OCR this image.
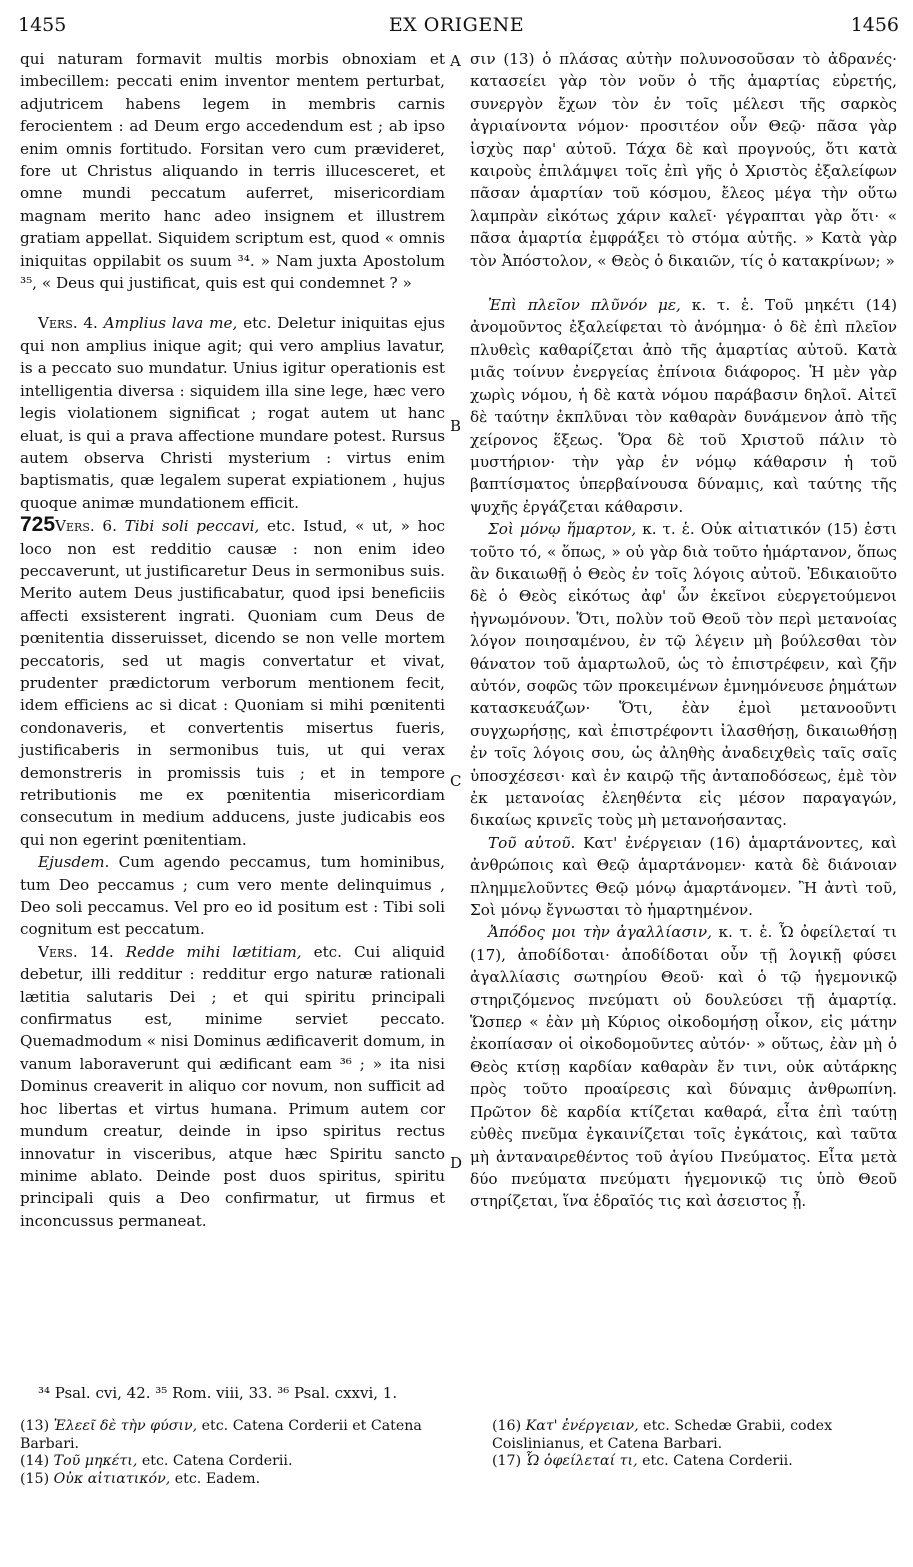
1455	EX ORIGENE	1456
A
B
C
D

qui naturam formavit multis morbis obnoxiam et imbecillem: peccati enim inventor mentem perturbat, adjutricem habens legem in membris carnis ferocientem : ad Deum ergo accedendum est ; ab ipso enim omnis fortitudo. Forsitan vero cum prævideret, fore ut Christus aliquando in terris illucesceret, et omne mundi peccatum auferret, misericordiam magnam merito hanc adeo insignem et illustrem gratiam appellat. Siquidem scriptum est, quod « omnis iniquitas oppilabit os suum ³⁴. » Nam juxta Apostolum ³⁵, « Deus qui justificat, quis est qui condemnet ? »

Vers. 4. Amplius lava me, etc. Deletur iniquitas ejus qui non amplius inique agit; qui vero amplius lavatur, is a peccato suo mundatur. Unius igitur operationis est intelligentia diversa : siquidem illa sine lege, hæc vero legis violationem significat ; rogat autem ut hanc eluat, is qui a prava affectione mundare potest. Rursus autem observa Christi mysterium : virtus enim baptismatis, quæ legalem superat expiationem , hujus quoque animæ mundationem efficit.

725Vers. 6. Tibi soli peccavi, etc. Istud, « ut, » hoc loco non est redditio causæ : non enim ideo peccaverunt, ut justificaretur Deus in sermonibus suis. Merito autem Deus justificabatur, quod ipsi beneficiis affecti exsisterent ingrati. Quoniam cum Deus de pœnitentia disseruisset, dicendo se non velle mortem peccatoris, sed ut magis convertatur et vivat, prudenter prædictorum verborum mentionem fecit, idem efficiens ac si dicat : Quoniam si mihi pœnitenti condonaveris, et convertentis misertus fueris, justificaberis in sermonibus tuis, ut qui verax demonstreris in promissis tuis ; et in tempore retributionis me ex pœnitentia misericordiam consecutum in medium adducens, juste judicabis eos qui non egerint pœnitentiam.

Ejusdem. Cum agendo peccamus, tum hominibus, tum Deo peccamus ; cum vero mente delinquimus , Deo soli peccamus. Vel pro eo id positum est : Tibi soli cognitum est peccatum.

Vers. 14. Redde mihi lætitiam, etc. Cui aliquid debetur, illi redditur : redditur ergo naturæ rationali lætitia salutaris Dei ; et qui spiritu principali confirmatus est, minime serviet peccato. Quemadmodum « nisi Dominus ædificaverit domum, in vanum laboraverunt qui ædificant eam ³⁶ ; » ita nisi Dominus creaverit in aliquo cor novum, non sufficit ad hoc libertas et virtus humana. Primum autem cor mundum creatur, deinde in ipso spiritus rectus innovatur in visceribus, atque hæc Spiritu sancto minime ablato. Deinde post duos spiritus, spiritu principali quis a Deo confirmatur, ut firmus et inconcussus permaneat.

σιν (13) ὁ πλάσας αὐτὴν πολυνοσοῦσαν τὸ ἀδρανές· κατασείει γὰρ τὸν νοῦν ὁ τῆς ἁμαρτίας εὑρετής, συνεργὸν ἔχων τὸν ἐν τοῖς μέλεσι τῆς σαρκὸς ἀγριαίνοντα νόμον· προσιτέον οὖν Θεῷ· πᾶσα γὰρ ἰσχὺς παρ' αὐτοῦ. Τάχα δὲ καὶ προγνούς, ὅτι κατὰ καιροὺς ἐπιλάμψει τοῖς ἐπὶ γῆς ὁ Χριστὸς ἐξαλείφων πᾶσαν ἁμαρτίαν τοῦ κόσμου, ἔλεος μέγα τὴν οὕτω λαμπρὰν εἰκότως χάριν καλεῖ· γέγραπται γὰρ ὅτι· « πᾶσα ἁμαρτία ἐμφράξει τὸ στόμα αὐτῆς. » Κατὰ γὰρ τὸν Ἀπόστολον, « Θεὸς ὁ δικαιῶν, τίς ὁ κατακρίνων; »

Ἐπὶ πλεῖον πλῦνόν με, κ. τ. ἑ. Τοῦ μηκέτι (14) ἀνομοῦντος ἐξαλείφεται τὸ ἀνόμημα· ὁ δὲ ἐπὶ πλεῖον πλυθεὶς καθαρίζεται ἀπὸ τῆς ἁμαρτίας αὐτοῦ. Κατὰ μιᾶς τοίνυν ἐνεργείας ἐπίνοια διάφορος. Ἡ μὲν γὰρ χωρὶς νόμου, ἡ δὲ κατὰ νόμου παράβασιν δηλοῖ. Αἰτεῖ δὲ ταύτην ἐκπλῦναι τὸν καθαρὰν δυνάμενον ἀπὸ τῆς χείρονος ἕξεως. Ὅρα δὲ τοῦ Χριστοῦ πάλιν τὸ μυστήριον· τὴν γὰρ ἐν νόμῳ κάθαρσιν ἡ τοῦ βαπτίσματος ὑπερβαίνουσα δύναμις, καὶ ταύτης τῆς ψυχῆς ἐργάζεται κάθαρσιν.

Σοὶ μόνῳ ἥμαρτον, κ. τ. ἑ. Οὐκ αἰτιατικόν (15) ἐστι τοῦτο τό, « ὅπως, » οὐ γὰρ διὰ τοῦτο ἡμάρτανον, ὅπως ἂν δικαιωθῇ ὁ Θεὸς ἐν τοῖς λόγοις αὐτοῦ. Ἐδικαιοῦτο δὲ ὁ Θεὸς εἰκότως ἀφ' ὧν ἐκεῖνοι εὐεργετούμενοι ἠγνωμόνουν. Ὅτι, πολὺν τοῦ Θεοῦ τὸν περὶ μετανοίας λόγον ποιησαμένου, ἐν τῷ λέγειν μὴ βούλεσθαι τὸν θάνατον τοῦ ἁμαρτωλοῦ, ὡς τὸ ἐπιστρέφειν, καὶ ζῆν αὐτόν, σοφῶς τῶν προκειμένων ἐμνημόνευσε ῥημάτων κατασκευάζων· Ὅτι, ἐὰν ἐμοὶ μετανοοῦντι συγχωρήσῃς, καὶ ἐπιστρέφοντι ἱλασθήσῃ, δικαιωθήσῃ ἐν τοῖς λόγοις σου, ὡς ἀληθὴς ἀναδειχθεὶς ταῖς σαῖς ὑποσχέσεσι· καὶ ἐν καιρῷ τῆς ἀνταποδόσεως, ἐμὲ τὸν ἐκ μετανοίας ἐλεηθέντα εἰς μέσον παραγαγών, δικαίως κρινεῖς τοὺς μὴ μετανοήσαντας.

Τοῦ αὐτοῦ. Κατ' ἐνέργειαν (16) ἁμαρτάνοντες, καὶ ἀνθρώποις καὶ Θεῷ ἁμαρτάνομεν· κατὰ δὲ διάνοιαν πλημμελοῦντες Θεῷ μόνῳ ἁμαρτάνομεν. Ἢ ἀντὶ τοῦ, Σοὶ μόνῳ ἔγνωσται τὸ ἡμαρτημένον.

Ἀπόδος μοι τὴν ἀγαλλίασιν, κ. τ. ἑ. Ὧ ὀφείλεταί τι (17), ἀποδίδοται· ἀποδίδοται οὖν τῇ λογικῇ φύσει ἀγαλλίασις σωτηρίου Θεοῦ· καὶ ὁ τῷ ἡγεμονικῷ στηριζόμενος πνεύματι οὐ δουλεύσει τῇ ἁμαρτίᾳ. Ὥσπερ « ἐὰν μὴ Κύριος οἰκοδομήσῃ οἶκον, εἰς μάτην ἐκοπίασαν οἱ οἰκοδομοῦντες αὐτόν· » οὕτως, ἐὰν μὴ ὁ Θεὸς κτίσῃ καρδίαν καθαρὰν ἔν τινι, οὐκ αὐτάρκης πρὸς τοῦτο προαίρεσις καὶ δύναμις ἀνθρωπίνη. Πρῶτον δὲ καρδία κτίζεται καθαρά, εἶτα ἐπὶ ταύτῃ εὐθὲς πνεῦμα ἐγκαινίζεται τοῖς ἐγκάτοις, καὶ ταῦτα μὴ ἀνταναιρεθέντος τοῦ ἁγίου Πνεύματος. Εἶτα μετὰ δύο πνεύματα πνεύματι ἡγεμονικῷ τις ὑπὸ Θεοῦ στηρίζεται, ἵνα ἑδραῖός τις καὶ ἀσειστος ᾖ.

³⁴ Psal. cvi, 42. ³⁵ Rom. viii, 33. ³⁶ Psal. cxxvi, 1.
(13) Ἐλεεῖ δὲ τὴν φύσιν, etc. Catena Corderii et Catena Barbari.
(14) Τοῦ μηκέτι, etc. Catena Corderii.
(15) Οὐκ αἰτιατικόν, etc. Eadem.
(16) Κατ' ἐνέργειαν, etc. Schedæ Grabii, codex Coislinianus, et Catena Barbari.
(17) Ὧ ὀφείλεταί τι, etc. Catena Corderii.
